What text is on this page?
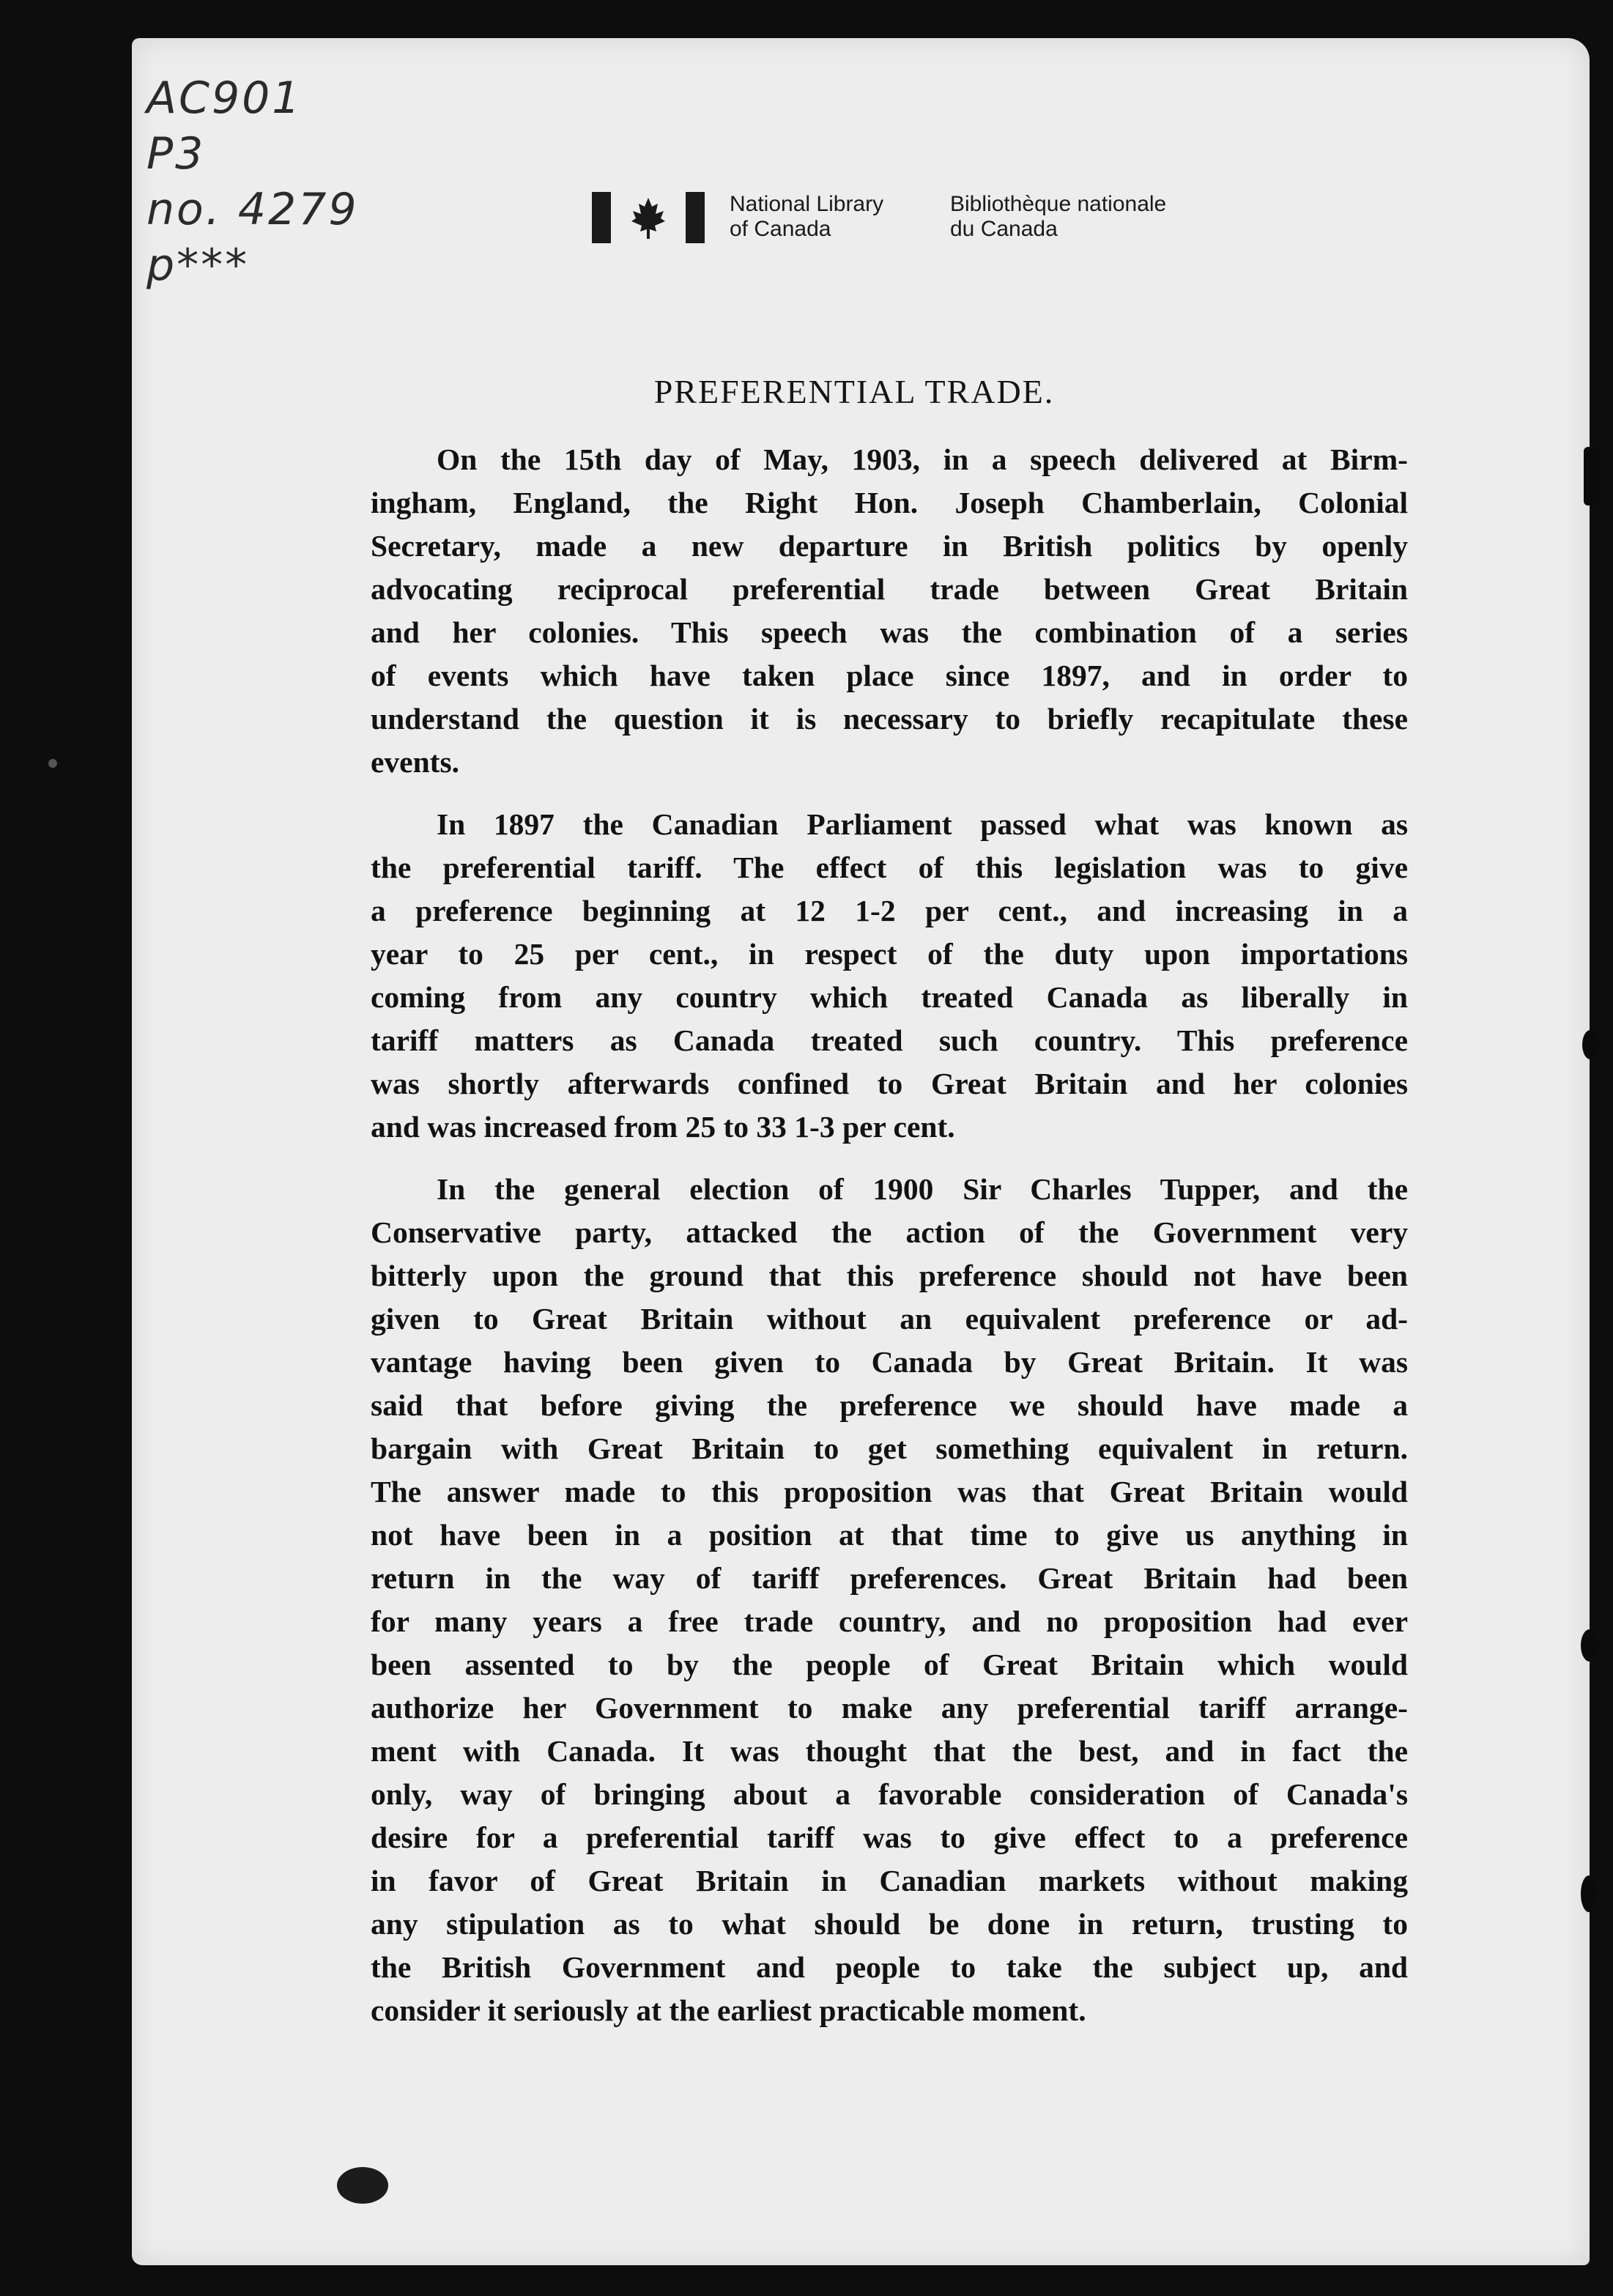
AC901
P3
no. 4279
p***
National Library
of Canada
Bibliothèque nationale
du Canada
PREFERENTIAL TRADE.
On the 15th day of May, 1903, in a speech delivered at Birm-
ingham, England, the Right Hon. Joseph Chamberlain, Colonial
Secretary, made a new departure in British politics by openly
advocating reciprocal preferential trade between Great Britain
and her colonies. This speech was the combination of a series
of events which have taken place since 1897, and in order to
understand the question it is necessary to briefly recapitulate these
events.
In 1897 the Canadian Parliament passed what was known as
the preferential tariff. The effect of this legislation was to give
a preference beginning at 12 1-2 per cent., and increasing in a
year to 25 per cent., in respect of the duty upon importations
coming from any country which treated Canada as liberally in
tariff matters as Canada treated such country. This preference
was shortly afterwards confined to Great Britain and her colonies
and was increased from 25 to 33 1-3 per cent.
In the general election of 1900 Sir Charles Tupper, and the
Conservative party, attacked the action of the Government very
bitterly upon the ground that this preference should not have been
given to Great Britain without an equivalent preference or ad-
vantage having been given to Canada by Great Britain. It was
said that before giving the preference we should have made a
bargain with Great Britain to get something equivalent in return.
The answer made to this proposition was that Great Britain would
not have been in a position at that time to give us anything in
return in the way of tariff preferences. Great Britain had been
for many years a free trade country, and no proposition had ever
been assented to by the people of Great Britain which would
authorize her Government to make any preferential tariff arrange-
ment with Canada. It was thought that the best, and in fact the
only, way of bringing about a favorable consideration of Canada's
desire for a preferential tariff was to give effect to a preference
in favor of Great Britain in Canadian markets without making
any stipulation as to what should be done in return, trusting to
the British Government and people to take the subject up, and
consider it seriously at the earliest practicable moment.
